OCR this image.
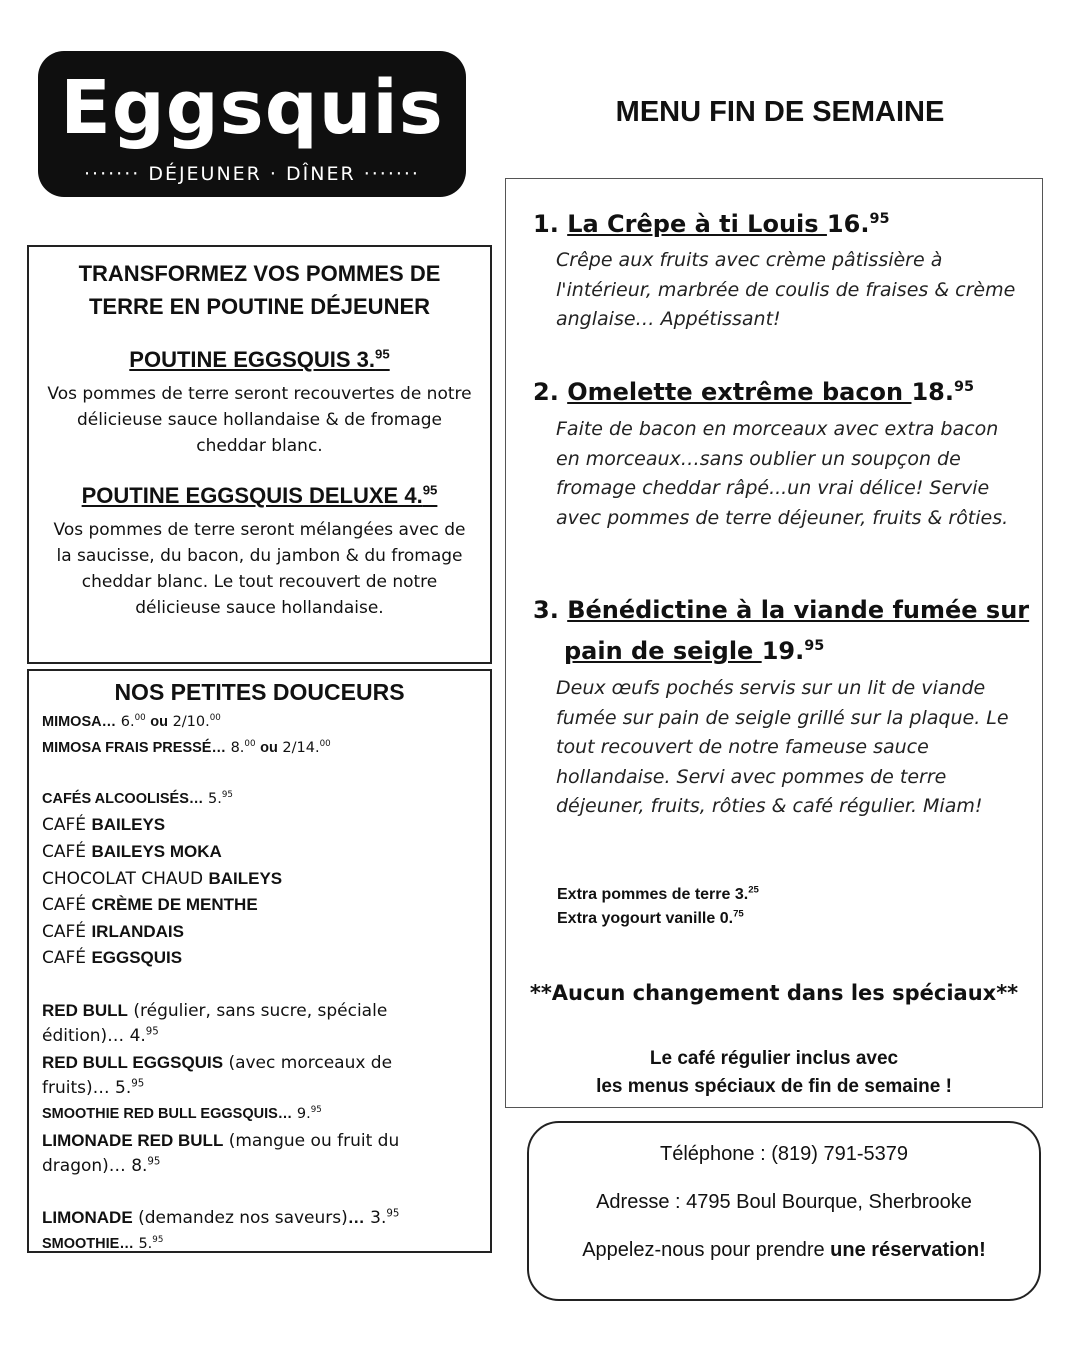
Eggsquis
······· DÉJEUNER · DÎNER ·······
MENU FIN DE SEMAINE
TRANSFORMEZ VOS POMMES DE TERRE EN POUTINE DÉJEUNER
POUTINE EGGSQUIS 3.95

Vos pommes de terre seront recouvertes de notre délicieuse sauce hollandaise & de fromage cheddar blanc.

POUTINE EGGSQUIS DELUXE 4.95

Vos pommes de terre seront mélangées avec de la saucisse, du bacon, du jambon & du fromage cheddar blanc. Le tout recouvert de notre délicieuse sauce hollandaise.

NOS PETITES DOUCEURS
MIMOSA… 6.00 ou 2/10.00
MIMOSA FRAIS PRESSÉ… 8.00 ou 2/14.00
CAFÉS ALCOOLISÉS… 5.95
CAFÉ BAILEYS
CAFÉ BAILEYS MOKA
CHOCOLAT CHAUD BAILEYS
CAFÉ CRÈME DE MENTHE
CAFÉ IRLANDAIS
CAFÉ EGGSQUIS
RED BULL (régulier, sans sucre, spéciale
édition)… 4.95
RED BULL EGGSQUIS (avec morceaux de
fruits)… 5.95
SMOOTHIE RED BULL EGGSQUIS… 9.95
LIMONADE RED BULL (mangue ou fruit du
dragon)… 8.95
LIMONADE (demandez nos saveurs)… 3.95
SMOOTHIE… 5.95
1. La Crêpe à ti Louis 16.95
Crêpe aux fruits avec crème pâtissière à l'intérieur, marbrée de coulis de fraises & crème anglaise… Appétissant!
2. Omelette extrême bacon 18.95
Faite de bacon en morceaux avec extra bacon en morceaux…sans oublier un soupçon de fromage cheddar râpé...un vrai délice! Servie avec pommes de terre déjeuner, fruits & rôties.
3. Bénédictine à la viande fumée sur
pain de seigle 19.95
Deux œufs pochés servis sur un lit de viande fumée sur pain de seigle grillé sur la plaque. Le tout recouvert de notre fameuse sauce hollandaise. Servi avec pommes de terre déjeuner, fruits, rôties & café régulier. Miam!
Extra pommes de terre 3.25
Extra yogourt vanille 0.75
**Aucun changement dans les spéciaux**
Le café régulier inclus avec
les menus spéciaux de fin de semaine !
Téléphone : (819) 791-5379
Adresse : 4795 Boul Bourque, Sherbrooke
Appelez-nous pour prendre une réservation!
